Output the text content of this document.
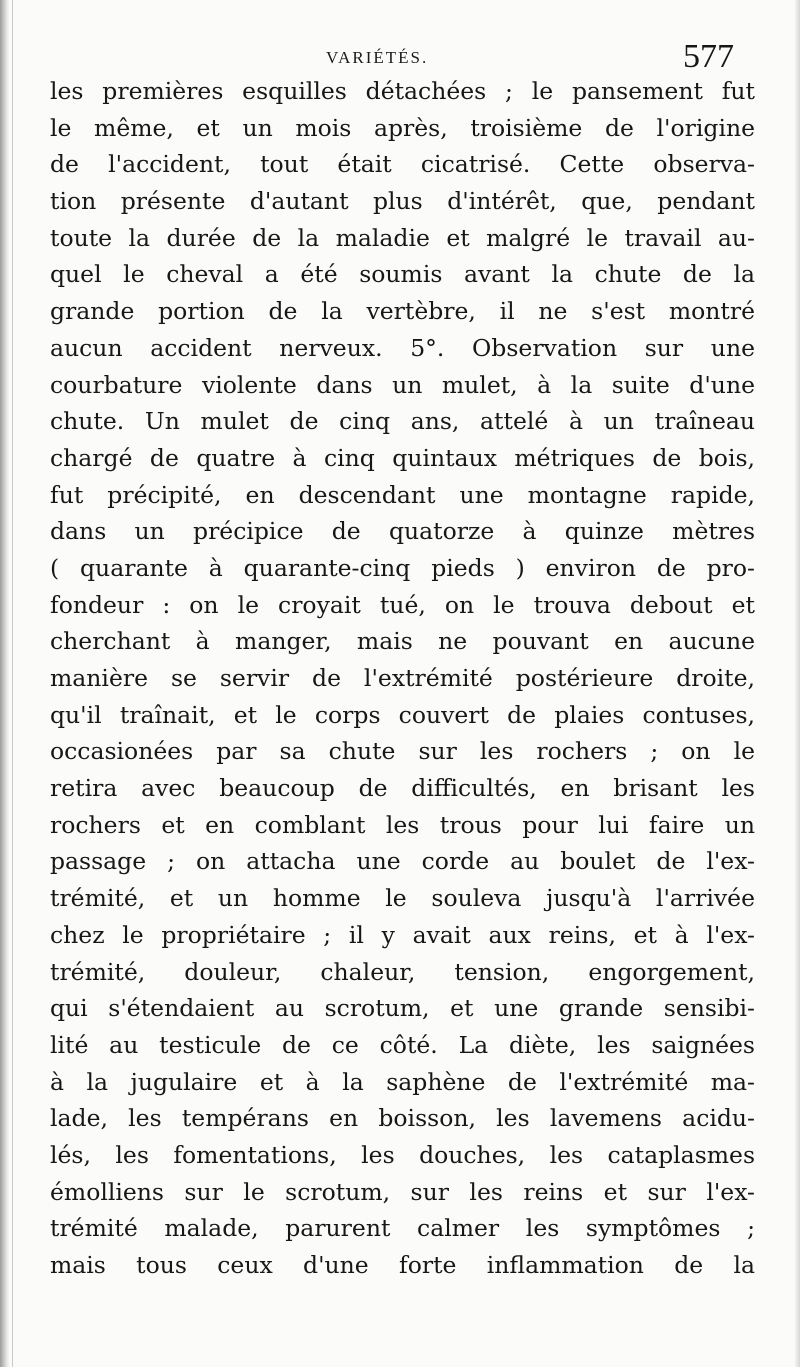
VARIÉTÉS.	577
les premières esquilles détachées ; le pansement fut
le même, et un mois après, troisième de l'origine
de l'accident, tout était cicatrisé. Cette observa-
tion présente d'autant plus d'intérêt, que, pendant
toute la durée de la maladie et malgré le travail au-
quel le cheval a été soumis avant la chute de la
grande portion de la vertèbre, il ne s'est montré
aucun accident nerveux. 5°. Observation sur une
courbature violente dans un mulet, à la suite d'une
chute. Un mulet de cinq ans, attelé à un traîneau
chargé de quatre à cinq quintaux métriques de bois,
fut précipité, en descendant une montagne rapide,
dans un précipice de quatorze à quinze mètres
( quarante à quarante-cinq pieds ) environ de pro-
fondeur : on le croyait tué, on le trouva debout et
cherchant à manger, mais ne pouvant en aucune
manière se servir de l'extrémité postérieure droite,
qu'il traînait, et le corps couvert de plaies contuses,
occasionées par sa chute sur les rochers ; on le
retira avec beaucoup de difficultés, en brisant les
rochers et en comblant les trous pour lui faire un
passage ; on attacha une corde au boulet de l'ex-
trémité, et un homme le souleva jusqu'à l'arrivée
chez le propriétaire ; il y avait aux reins, et à l'ex-
trémité, douleur, chaleur, tension, engorgement,
qui s'étendaient au scrotum, et une grande sensibi-
lité au testicule de ce côté. La diète, les saignées
à la jugulaire et à la saphène de l'extrémité ma-
lade, les tempérans en boisson, les lavemens acidu-
lés, les fomentations, les douches, les cataplasmes
émolliens sur le scrotum, sur les reins et sur l'ex-
trémité malade, parurent calmer les symptômes ;
mais tous ceux d'une forte inflammation de la
